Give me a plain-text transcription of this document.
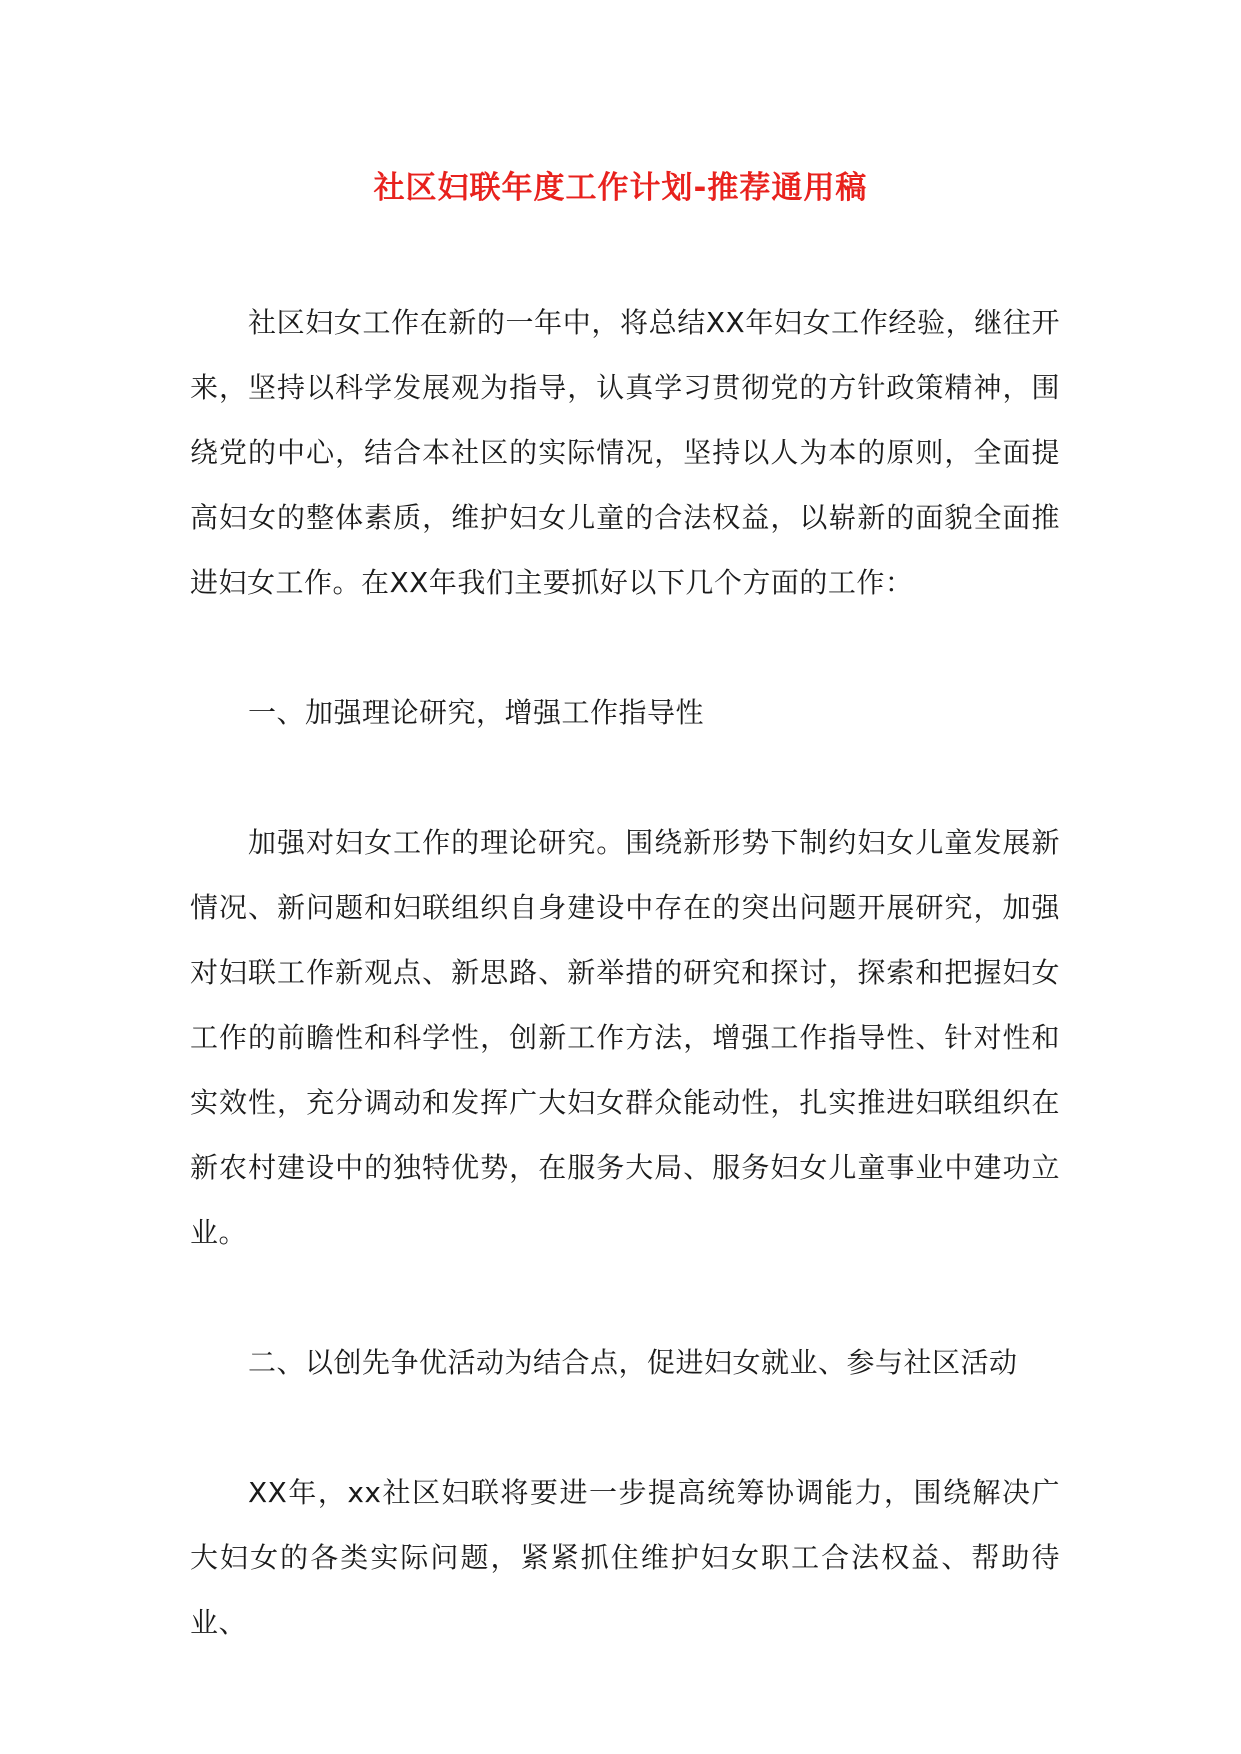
社区妇联年度工作计划-推荐通用稿

社区妇女工作在新的一年中，将总结XX年妇女工作经验，继往开来，坚持以科学发展观为指导，认真学习贯彻党的方针政策精神，围绕党的中心，结合本社区的实际情况，坚持以人为本的原则，全面提高妇女的整体素质，维护妇女儿童的合法权益，以崭新的面貌全面推进妇女工作。在XX年我们主要抓好以下几个方面的工作：

一、加强理论研究，增强工作指导性

加强对妇女工作的理论研究。围绕新形势下制约妇女儿童发展新情况、新问题和妇联组织自身建设中存在的突出问题开展研究，加强对妇联工作新观点、新思路、新举措的研究和探讨，探索和把握妇女工作的前瞻性和科学性，创新工作方法，增强工作指导性、针对性和实效性，充分调动和发挥广大妇女群众能动性，扎实推进妇联组织在新农村建设中的独特优势，在服务大局、服务妇女儿童事业中建功立业。

二、以创先争优活动为结合点，促进妇女就业、参与社区活动

XX年，xx社区妇联将要进一步提高统筹协调能力，围绕解决广大妇女的各类实际问题，紧紧抓住维护妇女职工合法权益、帮助待业、
